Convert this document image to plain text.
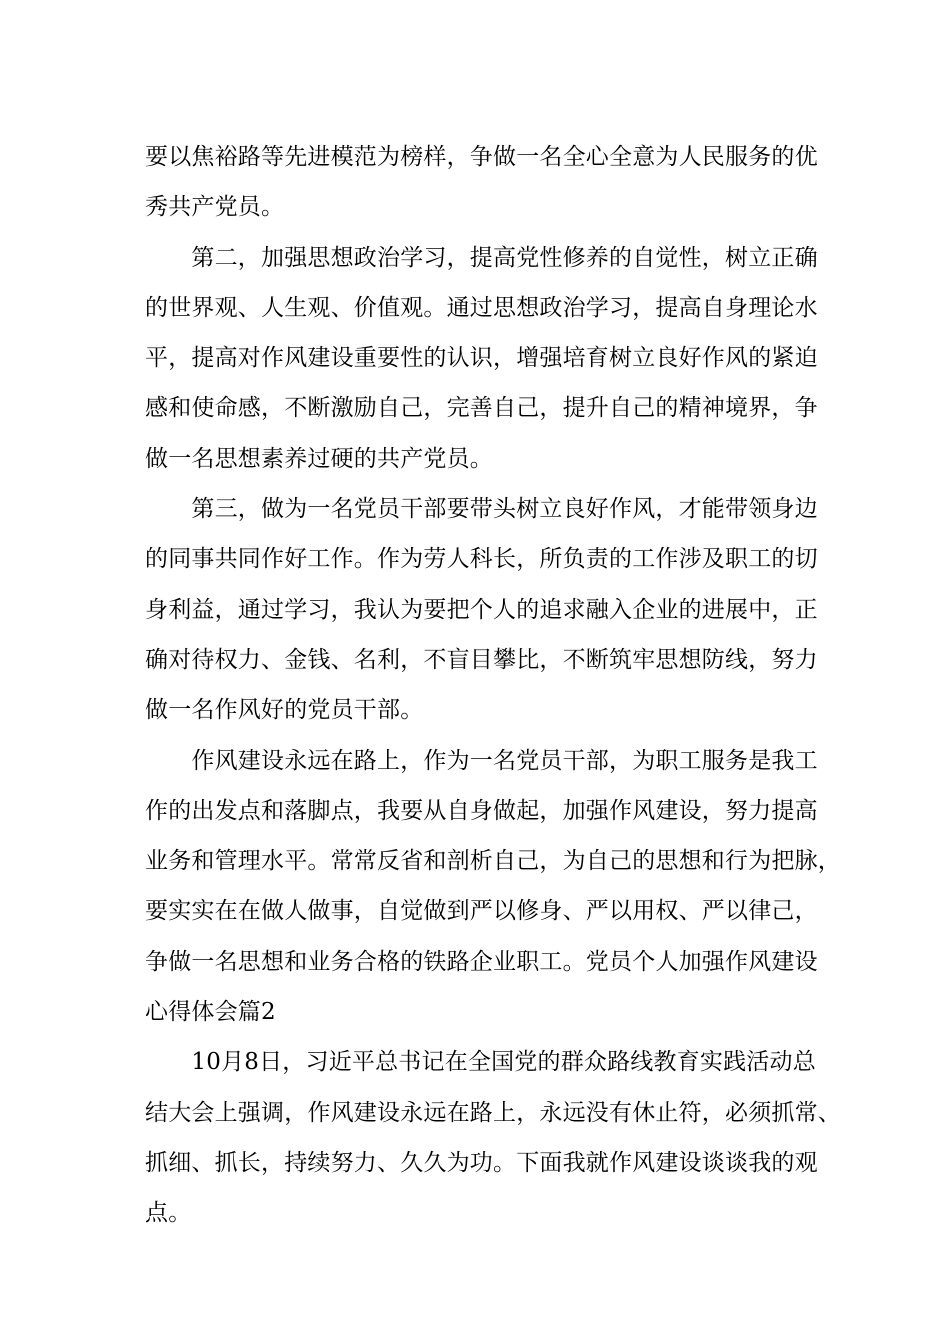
要以焦裕路等先进模范为榜样，争做一名全心全意为人民服务的优
秀共产党员。
　　第二，加强思想政治学习，提高党性修养的自觉性，树立正确
的世界观、人生观、价值观。通过思想政治学习，提高自身理论水
平，提高对作风建设重要性的认识，增强培育树立良好作风的紧迫
感和使命感，不断激励自己，完善自己，提升自己的精神境界，争
做一名思想素养过硬的共产党员。
　　第三，做为一名党员干部要带头树立良好作风，才能带领身边
的同事共同作好工作。作为劳人科长，所负责的工作涉及职工的切
身利益，通过学习，我认为要把个人的追求融入企业的进展中，正
确对待权力、金钱、名利，不盲目攀比，不断筑牢思想防线，努力
做一名作风好的党员干部。
　　作风建设永远在路上，作为一名党员干部，为职工服务是我工
作的出发点和落脚点，我要从自身做起，加强作风建设，努力提高
业务和管理水平。常常反省和剖析自己，为自己的思想和行为把脉，
要实实在在做人做事，自觉做到严以修身、严以用权、严以律己，
争做一名思想和业务合格的铁路企业职工。党员个人加强作风建设
心得体会篇2
　　10月8日，习近平总书记在全国党的群众路线教育实践活动总
结大会上强调，作风建设永远在路上，永远没有休止符，必须抓常、
抓细、抓长，持续努力、久久为功。下面我就作风建设谈谈我的观
点。
